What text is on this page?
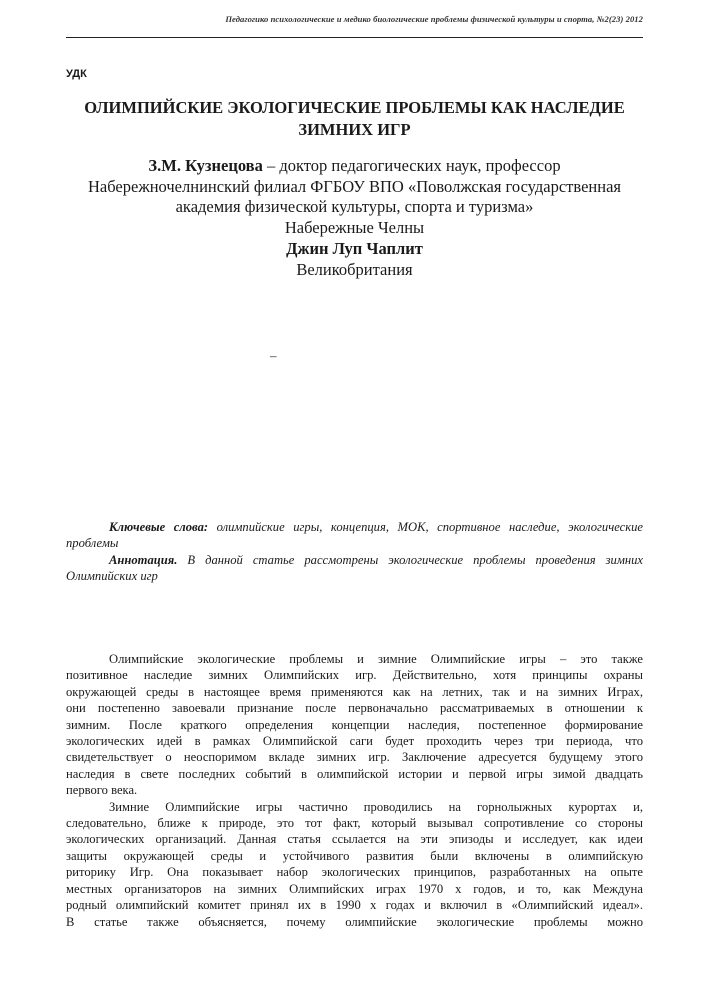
Педагогико психологические и медико биологические проблемы физической культуры и спорта, №2(23) 2012
УДК
ОЛИМПИЙСКИЕ ЭКОЛОГИЧЕСКИЕ ПРОБЛЕМЫ КАК НАСЛЕДИЕ
ЗИМНИХ ИГР
З.М. Кузнецова – доктор педагогических наук, профессор
Набережночелнинский филиал ФГБОУ ВПО «Поволжская государственная
академия физической культуры, спорта и туризма»
Набережные Челны
Джин Луп Чаплит
Великобритания
–

Ключевые слова: олимпийские игры, концепция, МОК, спортивное наследие, экологические проблемы

Аннотация. В данной статье рассмотрены экологические проблемы проведения зимних Олимпийских игр

Олимпийские экологические проблемы и зимние Олимпийские игры – это также
позитивное наследие зимних Олимпийских игр. Действительно, хотя принципы охраны
окружающей среды в настоящее время применяются как на летних, так и на зимних Играх,
они постепенно завоевали признание после первоначально рассматриваемых в отношении к
зимним. После краткого определения концепции наследия, постепенное формирование
экологических идей в рамках Олимпийской саги будет проходить через три периода, что
свидетельствует о неоспоримом вкладе зимних игр. Заключение адресуется будущему этого
наследия в свете последних событий в олимпийской истории и первой игры зимой двадцать
первого века.
Зимние Олимпийские игры частично проводились на горнолыжных курортах и,
следовательно, ближе к природе, это тот факт, который вызывал сопротивление со стороны
экологических организаций. Данная статья ссылается на эти эпизоды и исследует, как идеи
защиты окружающей среды и устойчивого развития были включены в олимпийскую
риторику Игр. Она показывает набор экологических принципов, разработанных на опыте
местных организаторов на зимних Олимпийских играх 1970 х годов, и то, как Междуна
родный олимпийский комитет принял их в 1990 х годах и включил в «Олимпийский идеал».
В статье также объясняется, почему олимпийские экологические проблемы можно
